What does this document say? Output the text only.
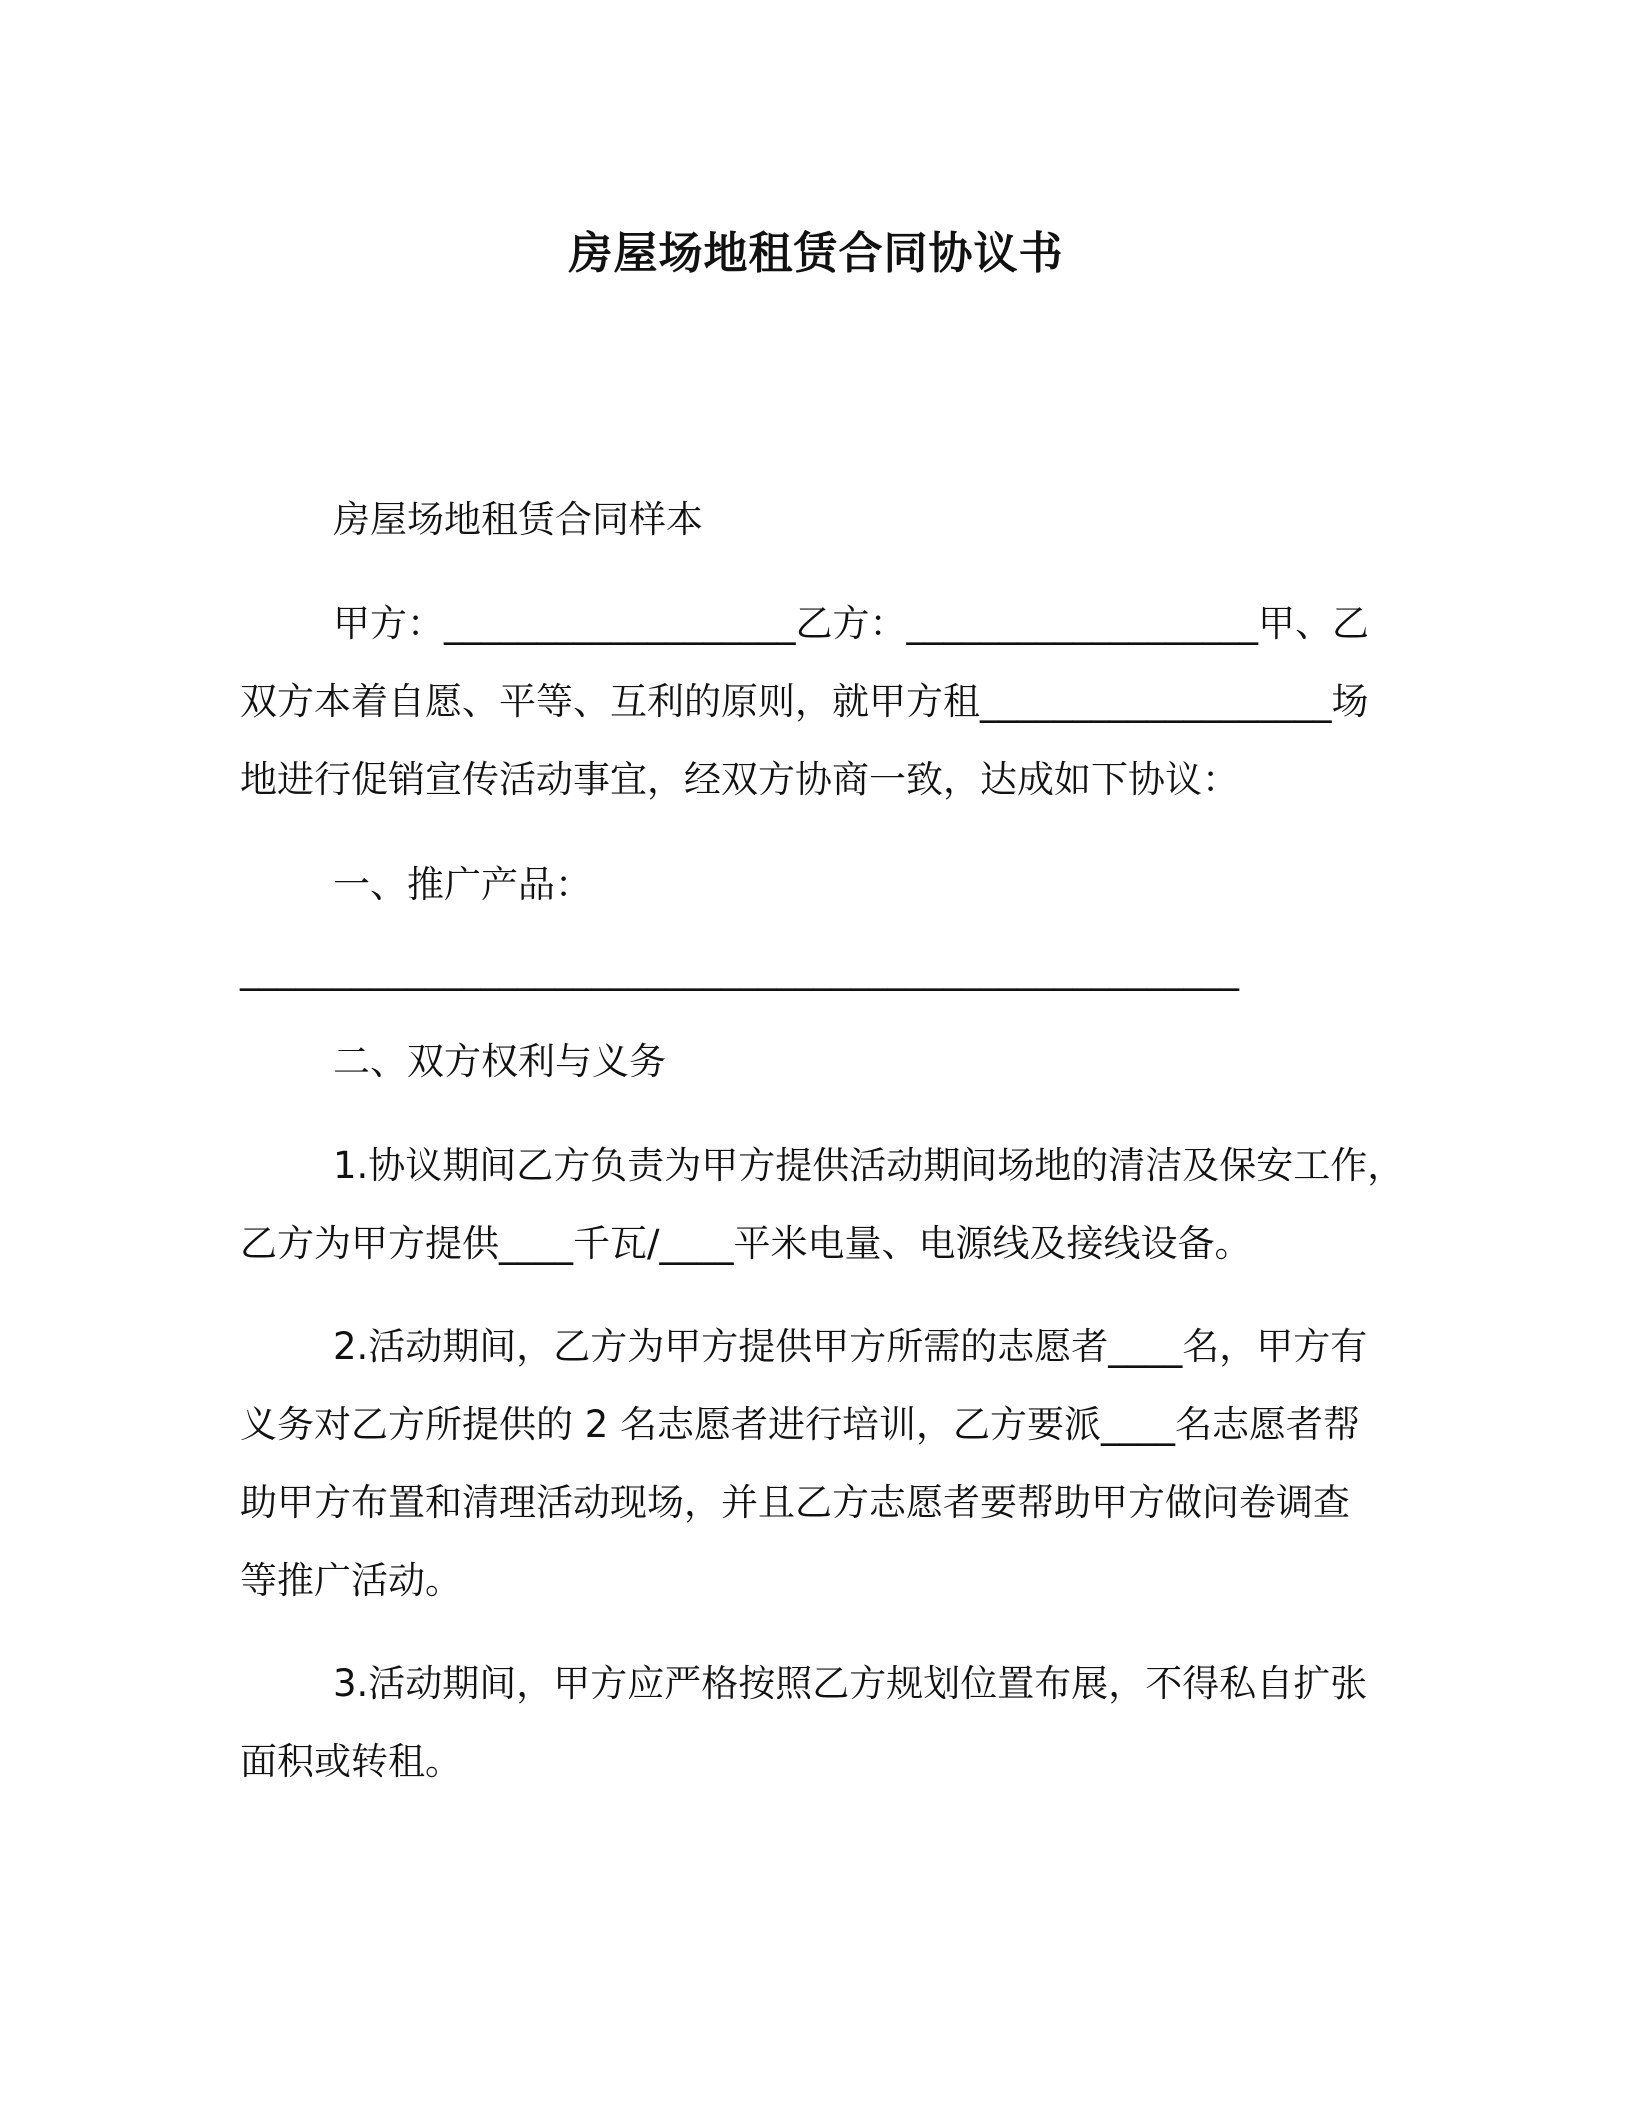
房屋场地租赁合同协议书
房屋场地租赁合同样本
甲方：___________________乙方：___________________甲、乙
双方本着自愿、平等、互利的原则，就甲方租___________________场
地进行促销宣传活动事宜，经双方协商一致，达成如下协议：
一、推广产品：
______________________________________________________
二、双方权利与义务
1.协议期间乙方负责为甲方提供活动期间场地的清洁及保安工作，
乙方为甲方提供____千瓦/____平米电量、电源线及接线设备。
2.活动期间，乙方为甲方提供甲方所需的志愿者____名，甲方有
义务对乙方所提供的 2 名志愿者进行培训，乙方要派____名志愿者帮
助甲方布置和清理活动现场，并且乙方志愿者要帮助甲方做问卷调查
等推广活动。
3.活动期间，甲方应严格按照乙方规划位置布展，不得私自扩张
面积或转租。
